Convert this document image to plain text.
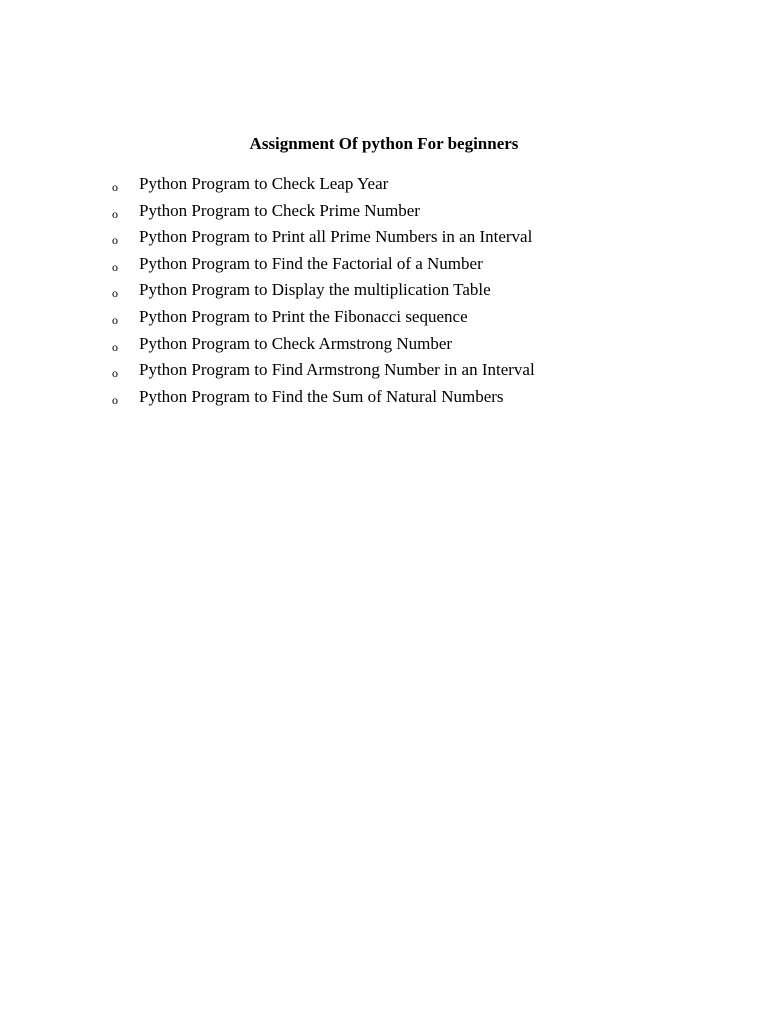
Assignment Of python For beginners
o Python Program to Check Leap Year
o Python Program to Check Prime Number
o Python Program to Print all Prime Numbers in an Interval
o Python Program to Find the Factorial of a Number
o Python Program to Display the multiplication Table
o Python Program to Print the Fibonacci sequence
o Python Program to Check Armstrong Number
o Python Program to Find Armstrong Number in an Interval
o Python Program to Find the Sum of Natural Numbers
